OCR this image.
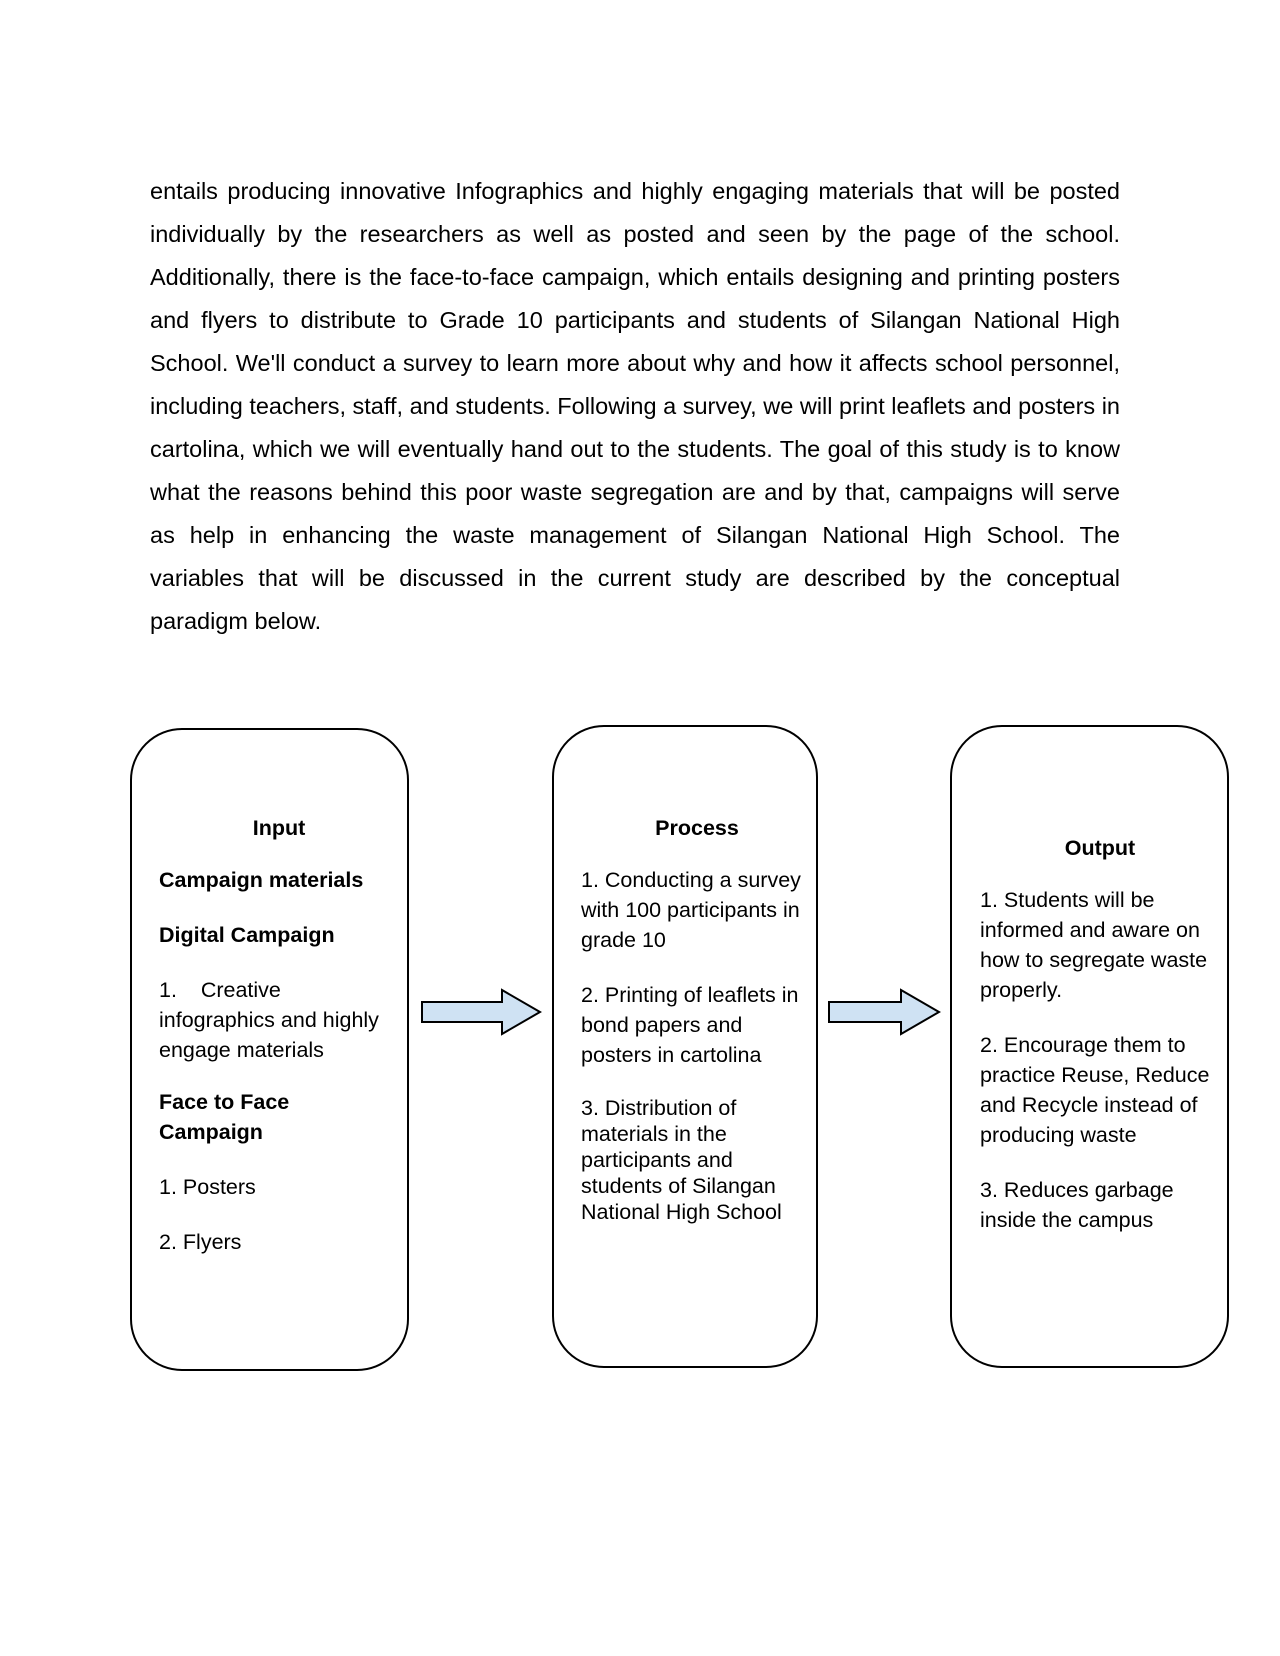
entails producing innovative Infographics and highly engaging materials that will be posted individually by the researchers as well as posted and seen by the page of the school. Additionally, there is the face-to-face campaign, which entails designing and printing posters and flyers to distribute to Grade 10 participants and students of Silangan National High School. We'll conduct a survey to learn more about why and how it affects school personnel, including teachers, staff, and students. Following a survey, we will print leaflets and posters in cartolina, which we will eventually hand out to the students. The goal of this study is to know what the reasons behind this poor waste segregation are and by that, campaigns will serve as help in enhancing the waste management of Silangan National High School. The variables that will be discussed in the current study are described by the conceptual paradigm below.

Input

Campaign materials

Digital Campaign

1.    Creative infographics and highly engage materials

Face to Face Campaign

1. Posters

2. Flyers

Process

1. Conducting a survey with 100 participants in grade 10

2. Printing of leaflets in bond papers and posters in cartolina

3. Distribution of materials in the participants and students of Silangan National High School

Output

1. Students will be informed and aware on how to segregate waste properly.

2. Encourage them to practice Reuse, Reduce and Recycle instead of producing waste

3. Reduces garbage inside the campus
